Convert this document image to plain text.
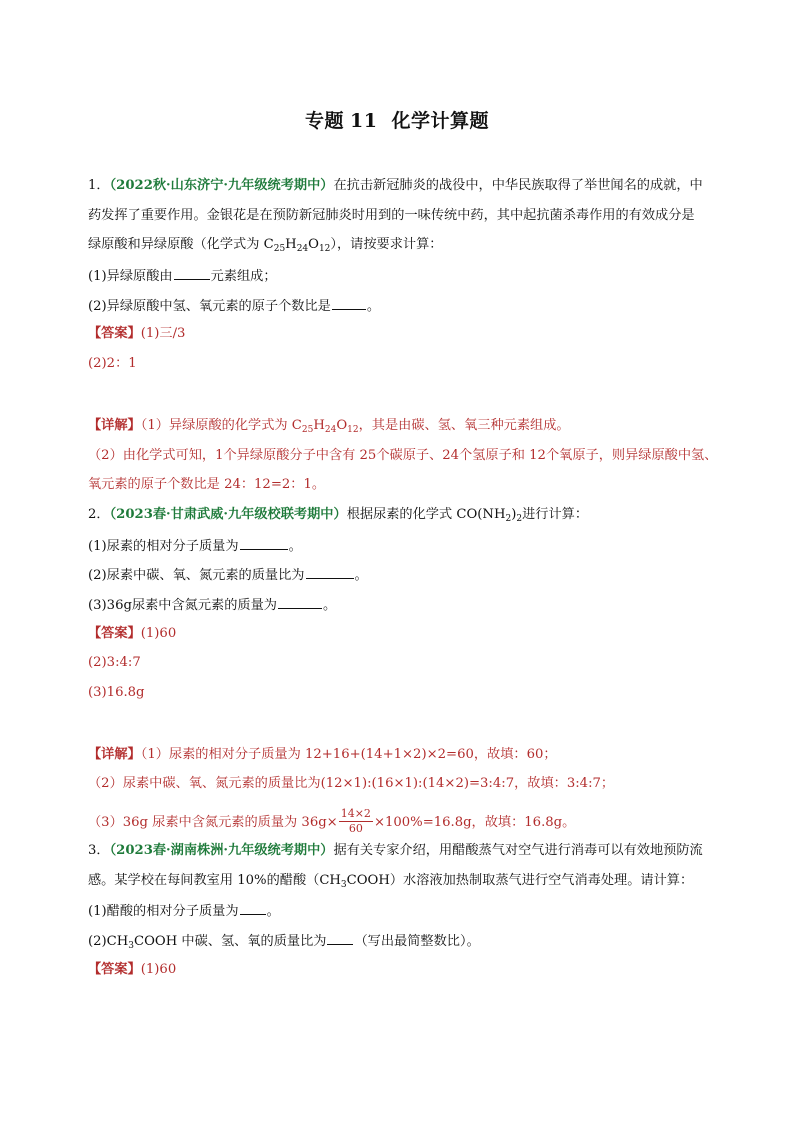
专题 11 化学计算题
1．（2022秋·山东济宁·九年级统考期中）在抗击新冠肺炎的战役中，中华民族取得了举世闻名的成就，中
药发挥了重要作用。金银花是在预防新冠肺炎时用到的一味传统中药，其中起抗菌杀毒作用的有效成分是
绿原酸和异绿原酸（化学式为 $C_{25}H_{24}O_{12}$），请按要求计算：
(1)异绿原酸由	元素组成；
(2)异绿原酸中氢、氧元素的原子个数比是	。
【答案】(1)三/3
(2)2：1
【详解】（1）异绿原酸的化学式为 $C_{25}H_{24}O_{12}$，其是由碳、氢、氧三种元素组成。
（2）由化学式可知，1个异绿原酸分子中含有 25个碳原子、24个氢原子和 12个氧原子，则异绿原酸中氢、
氧元素的原子个数比是 24：12=2：1。
2．（2023春·甘肃武威·九年级校联考期中）根据尿素的化学式 $CO(NH_2)_2$进行计算：
(1)尿素的相对分子质量为	。
(2)尿素中碳、氧、氮元素的质量比为	。
(3)36g尿素中含氮元素的质量为	。
【答案】(1)60
(2)3:4:7
(3)16.8g
【详解】（1）尿素的相对分子质量为 12+16+(14+1×2)×2=60，故填：60；
（2）尿素中碳、氧、氮元素的质量比为(12×1):(16×1):(14×2)=3:4:7，故填：3:4:7；
（3）36g 尿素中含氮元素的质量为 $36g\times \frac{14\times 2}{60} \times 100\%=16.8g$，故填：16.8g。
3．（2023春·湖南株洲·九年级统考期中）据有关专家介绍，用醋酸蒸气对空气进行消毒可以有效地预防流
感。某学校在每间教室用 10%的醋酸$(CH_3COOH)$水溶液加热制取蒸气进行空气消毒处理。请计算：
(1)醋酸的相对分子质量为 。
$(2)CH_3COOH$ 中碳、氢、氧的质量比为 （写出最简整数比）。
【答案】(1)60
